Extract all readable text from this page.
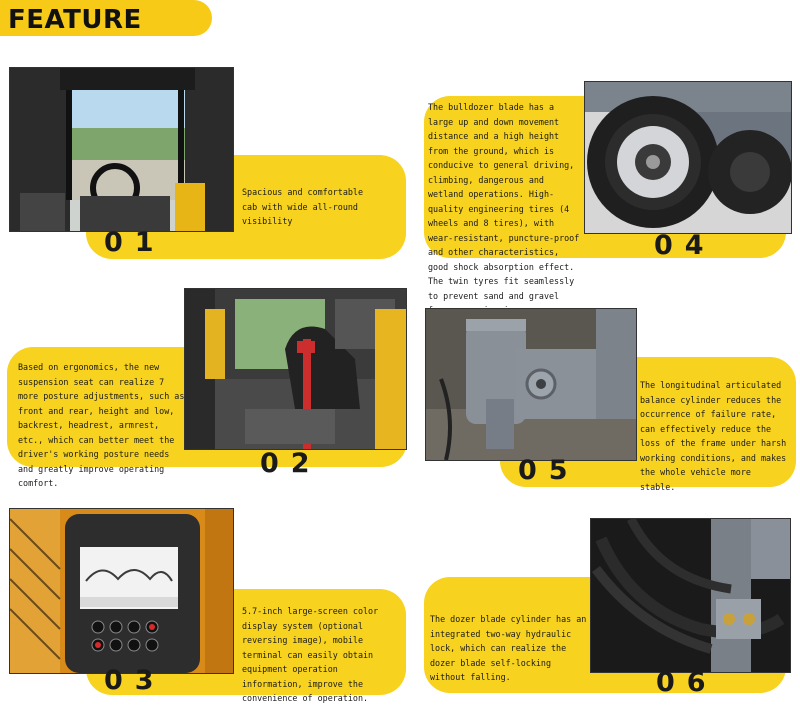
FEATURE
Spacious and comfortable cab with wide all-round visibility
01
Based on ergonomics, the new suspension seat can realize 7 more posture adjustments, such as front and rear, height and low, backrest, headrest, armrest, etc., which can better meet the driver's working posture needs and greatly improve operating comfort.
02
5.7-inch large-screen color display system (optional reversing image), mobile terminal can easily obtain equipment operation information, improve the convenience of operation.
03
The bulldozer blade has a large up and down movement distance and a high height from the ground, which is conducive to general driving, climbing, dangerous and wetland operations. High-quality engineering tires (4 wheels and 8 tires), with wear-resistant, puncture-proof and other characteristics, good shock absorption effect. The twin tyres fit seamlessly to prevent sand and gravel
04
The longitudinal articulated balance cylinder reduces the occurrence of failure rate, can effectively reduce the loss of the frame under harsh working conditions, and makes the whole vehicle more stable.
05
The dozer blade cylinder has an integrated two-way hydraulic lock, which can realize the dozer blade self-locking without falling.	06
